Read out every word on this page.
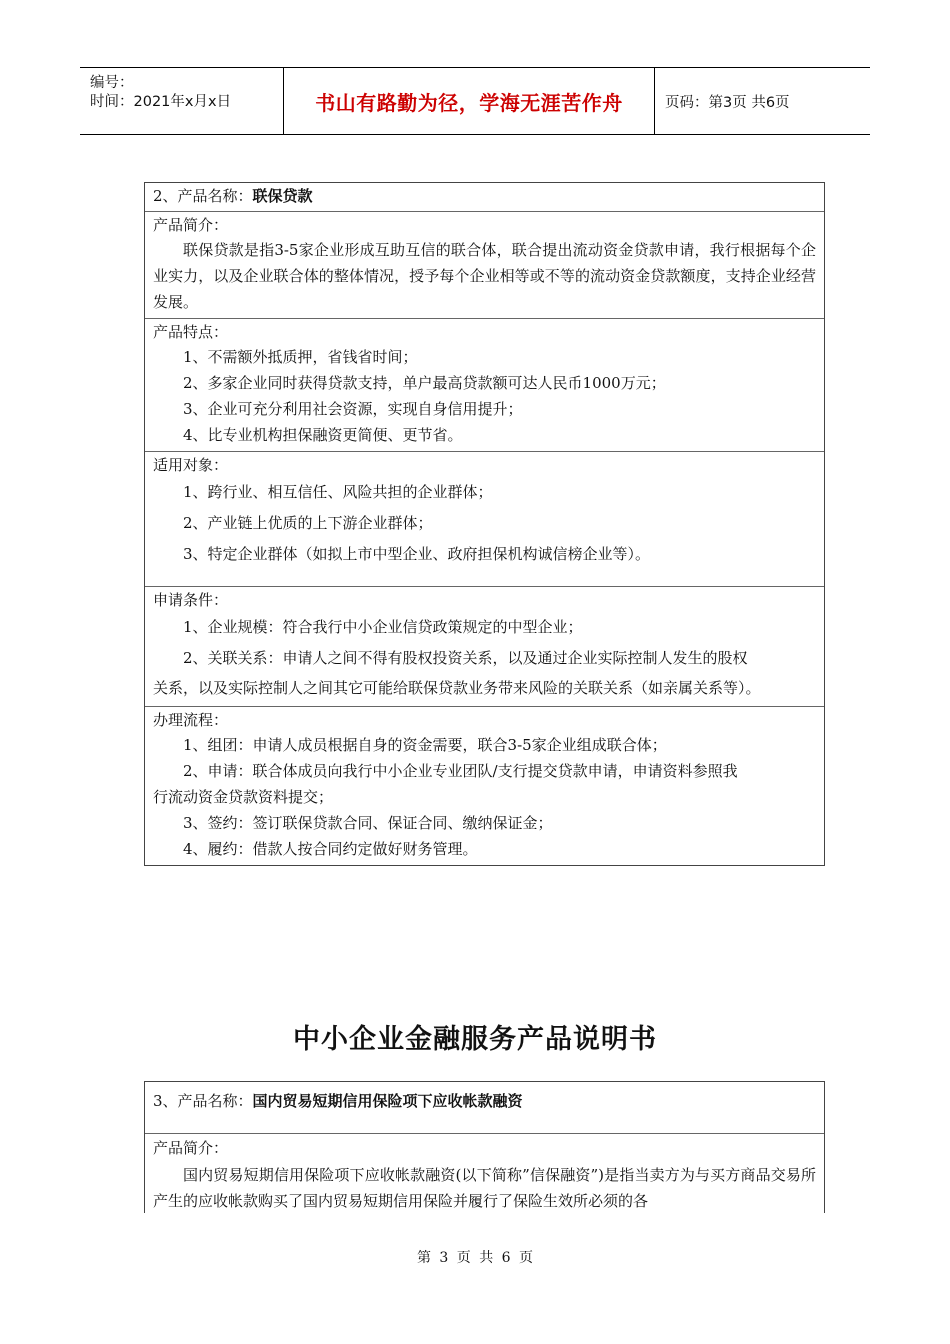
编号：
时间：2021年x月x日	书山有路勤为径，学海无涯苦作舟	页码：第3页 共6页

2、产品名称：联保贷款

产品简介：

联保贷款是指3-5家企业形成互助互信的联合体，联合提出流动资金贷款申请，我行根据每个企业实力，以及企业联合体的整体情况，授予每个企业相等或不等的流动资金贷款额度，支持企业经营发展。

产品特点：

1、不需额外抵质押，省钱省时间；

2、多家企业同时获得贷款支持，单户最高贷款额可达人民币1000万元；

3、企业可充分利用社会资源，实现自身信用提升；

4、比专业机构担保融资更简便、更节省。

适用对象：

1、跨行业、相互信任、风险共担的企业群体；

2、产业链上优质的上下游企业群体；

3、特定企业群体（如拟上市中型企业、政府担保机构诚信榜企业等）。

申请条件：

1、企业规模：符合我行中小企业信贷政策规定的中型企业；

2、关联关系：申请人之间不得有股权投资关系，以及通过企业实际控制人发生的股权

关系，以及实际控制人之间其它可能给联保贷款业务带来风险的关联关系（如亲属关系等）。

办理流程：

1、组团：申请人成员根据自身的资金需要，联合3-5家企业组成联合体；

2、申请：联合体成员向我行中小企业专业团队/支行提交贷款申请，申请资料参照我

行流动资金贷款资料提交；

3、签约：签订联保贷款合同、保证合同、缴纳保证金；

4、履约：借款人按合同约定做好财务管理。

中小企业金融服务产品说明书

3、产品名称：国内贸易短期信用保险项下应收帐款融资

产品简介：

国内贸易短期信用保险项下应收帐款融资(以下简称”信保融资”)是指当卖方为与买方商品交易所产生的应收帐款购买了国内贸易短期信用保险并履行了保险生效所必须的各

第 3 页 共 6 页
